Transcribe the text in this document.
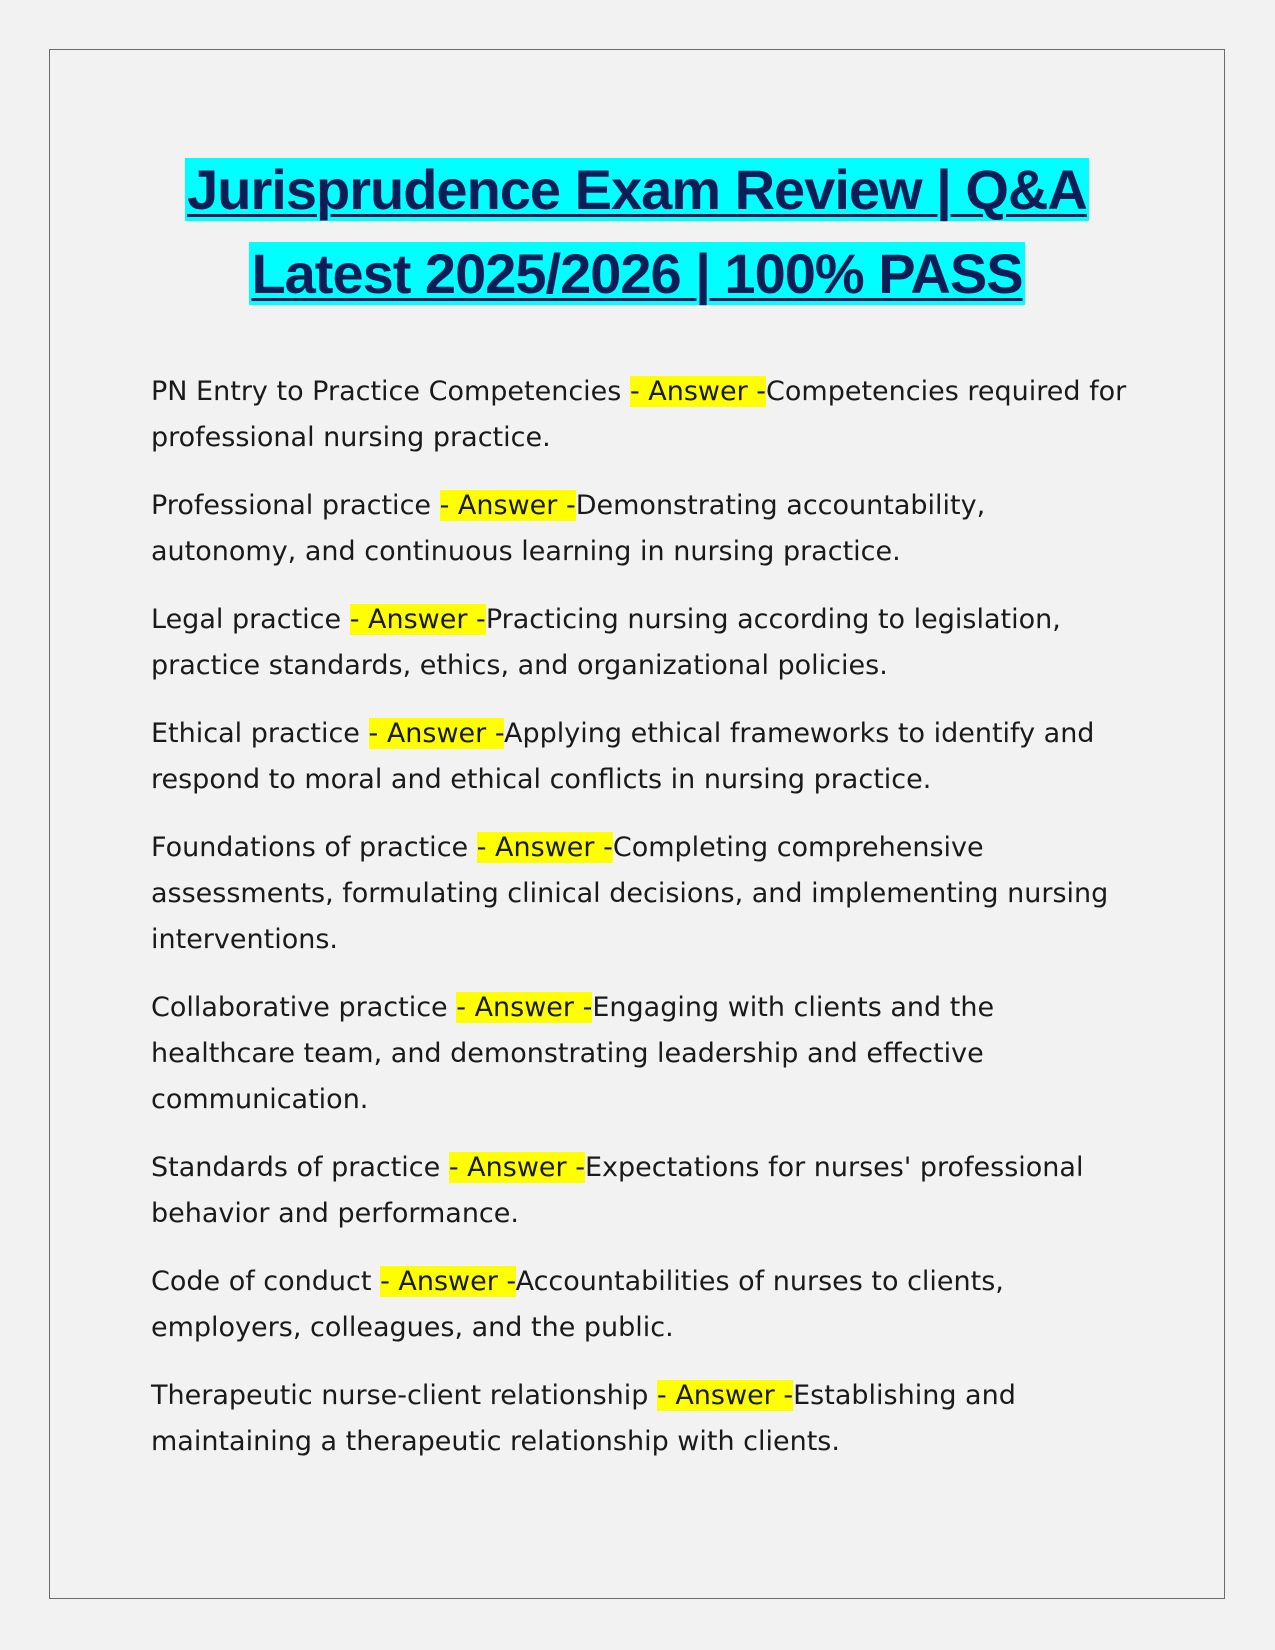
Jurisprudence Exam Review | Q&A
Latest 2025/2026 | 100% PASS

PN Entry to Practice Competencies - Answer -Competencies required for professional nursing practice.

Professional practice - Answer -Demonstrating accountability, autonomy, and continuous learning in nursing practice.

Legal practice - Answer -Practicing nursing according to legislation, practice standards, ethics, and organizational policies.

Ethical practice - Answer -Applying ethical frameworks to identify and respond to moral and ethical conflicts in nursing practice.

Foundations of practice - Answer -Completing comprehensive assessments, formulating clinical decisions, and implementing nursing interventions.

Collaborative practice - Answer -Engaging with clients and the healthcare team, and demonstrating leadership and effective communication.

Standards of practice - Answer -Expectations for nurses' professional behavior and performance.

Code of conduct - Answer -Accountabilities of nurses to clients, employers, colleagues, and the public.

Therapeutic nurse-client relationship - Answer -Establishing and maintaining a therapeutic relationship with clients.
